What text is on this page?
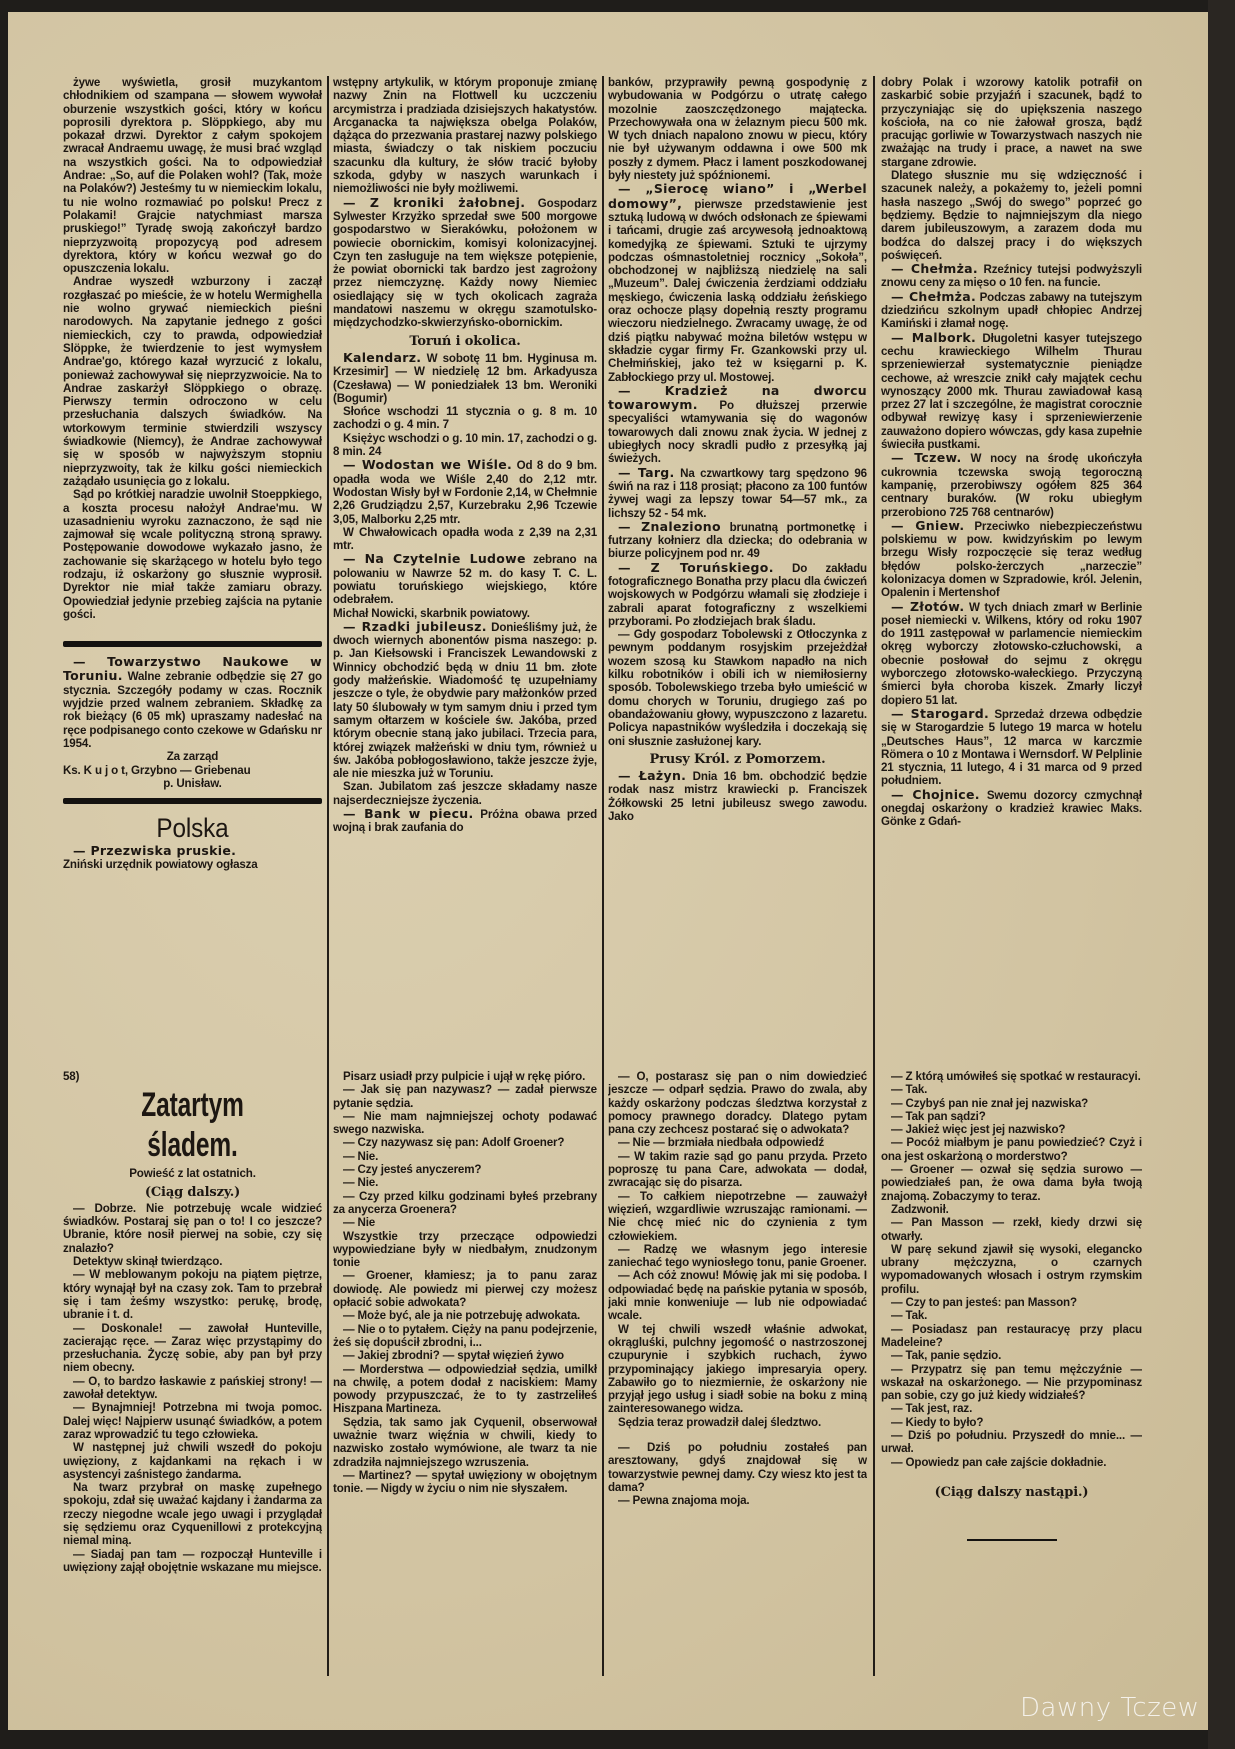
żywe wyświetla, grosił muzykantom chłodnikiem od szampana — słowem wywołał oburzenie wszystkich gości, który w końcu poprosili dyrektora p. Slöppkiego, aby mu pokazał drzwi. Dyrektor z całym spokojem zwracał Andraemu uwagę, że musi brać wzgląd na wszystkich gości. Na to odpowiedział Andrae: „So, auf die Polaken wohl? (Tak, może na Polaków?) Jesteśmy tu w niemieckim lokalu, tu nie wolno rozmawiać po polsku! Precz z Polakami! Grajcie natychmiast marsza pruskiego!” Tyradę swoją zakończył bardzo nieprzyzwoitą propozycyą pod adresem dyrektora, który w końcu wezwał go do opuszczenia lokalu.

Andrae wyszedł wzburzony i zaczął rozgłaszać po mieście, że w hotelu Wermighella nie wolno grywać niemieckich pieśni narodowych. Na zapytanie jednego z gości niemieckich, czy to prawda, odpowiedział Slöppke, że twierdzenie to jest wymysłem Andrae'go, którego kazał wyrzucić z lokalu, ponieważ zachowywał się nieprzyzwoicie. Na to Andrae zaskarżył Slöppkiego o obrazę. Pierwszy termin odroczono w celu przesłuchania dalszych świadków. Na wtorkowym terminie stwierdzili wszyscy świadkowie (Niemcy), że Andrae zachowywał się w sposób w najwyższym stopniu nieprzyzwoity, tak że kilku gości niemieckich zażądało usunięcia go z lokalu.

Sąd po krótkiej naradzie uwolnił Stoeppkiego, a koszta procesu nałożył Andrae'mu. W uzasadnieniu wyroku zaznaczono, że sąd nie zajmował się wcale polityczną stroną sprawy. Postępowanie dowodowe wykazało jasno, że zachowanie się skarżącego w hotelu było tego rodzaju, iż oskarżony go słusznie wyprosił. Dyrektor nie miał także zamiaru obrazy. Opowiedział jedynie przebieg zajścia na pytanie gości.

— Towarzystwo Naukowe w Toruniu. Walne zebranie odbędzie się 27 go stycznia. Szczegóły podamy w czas. Rocznik wyjdzie przed walnem zebraniem. Składkę za rok bieżący (6 05 mk) upraszamy nadesłać na ręce podpisanego conto czekowe w Gdańsku nr 1954.

Za zarząd

Ks. K u j o t, Grzybno — Griebenau

p. Unisław.

Polska

— Przezwiska pruskie.

Zniński urzędnik powiatowy ogłasza

wstępny artykulik, w którym proponuje zmianę nazwy Znin na Flottwell ku uczczeniu arcymistrza i pradziada dzisiejszych hakatystów. Arcganacka ta największa obelga Polaków, dążąca do przezwania prastarej nazwy polskiego miasta, świadczy o tak niskiem poczuciu szacunku dla kultury, że słów tracić byłoby szkoda, gdyby w naszych warunkach i niemożliwości nie były możliwemi.

— Z kroniki żałobnej. Gospodarz Sylwester Krzyżko sprzedał swe 500 morgowe gospodarstwo w Sierakówku, położonem w powiecie obornickim, komisyi kolonizacyjnej. Czyn ten zasługuje na tem większe potępienie, że powiat obornicki tak bardzo jest zagrożony przez niemczyznę. Każdy nowy Niemiec osiedlający się w tych okolicach zagraża mandatowi naszemu w okręgu szamotulsko-międzychodzko-skwierzyńsko-obornickim.

Toruń i okolica.

Kalendarz. W sobotę 11 bm. Hyginusa m. Krzesimir] — W niedzielę 12 bm. Arkadyusza (Czesława) — W poniedziałek 13 bm. Weroniki (Bogumir)

Słońce wschodzi 11 stycznia o g. 8 m. 10 zachodzi o g. 4 min. 7

Księżyc wschodzi o g. 10 min. 17, zachodzi o g. 8 min. 24

— Wodostan we Wiśle. Od 8 do 9 bm. opadła woda we Wiśle 2,40 do 2,12 mtr. Wodostan Wisły był w Fordonie 2,14, w Chełmnie 2,26 Grudziądzu 2,57, Kurzebraku 2,96 Tczewie 3,05, Malborku 2,25 mtr.

W Chwałowicach opadła woda z 2,39 na 2,31 mtr.

— Na Czytelnie Ludowe zebrano na polowaniu w Nawrze 52 m. do kasy T. C. L. powiatu toruńskiego wiejskiego, które odebrałem.

Michał Nowicki, skarbnik powiatowy.

— Rzadki jubileusz. Donieśliśmy już, że dwoch wiernych abonentów pisma naszego: p. p. Jan Kiełsowski i Franciszek Lewandowski z Winnicy obchodzić będą w dniu 11 bm. złote gody małżeńskie. Wiadomość tę uzupełniamy jeszcze o tyle, że obydwie pary małżonków przed laty 50 ślubowały w tym samym dniu i przed tym samym ołtarzem w kościele św. Jakóba, przed którym obecnie staną jako jubilaci. Trzecia para, której związek małżeński w dniu tym, również u św. Jakóba pobłogosławiono, także jeszcze żyje, ale nie mieszka już w Toruniu.

Szan. Jubilatom zaś jeszcze składamy nasze najserdeczniejsze życzenia.

— Bank w piecu. Próżna obawa przed wojną i brak zaufania do

banków, przyprawiły pewną gospodynię z wybudowania w Podgórzu o utratę całego mozolnie zaoszczędzonego majątecka. Przechowywała ona w żelaznym piecu 500 mk. W tych dniach napalono znowu w piecu, który nie był używanym oddawna i owe 500 mk poszły z dymem. Płacz i lament poszkodowanej były niestety już spóźnionemi.

— „Sierocę wiano” i „Werbel domowy”, pierwsze przedstawienie jest sztuką ludową w dwóch odsłonach ze śpiewami i tańcami, drugie zaś arcywesołą jednoaktową komedyjką ze śpiewami. Sztuki te ujrzymy podczas ośmnastoletniej rocznicy „Sokoła”, obchodzonej w najbliższą niedzielę na sali „Muzeum”. Dalej ćwiczenia żerdziami oddziału męskiego, ćwiczenia laską oddziału żeńskiego oraz ochocze pląsy dopełnią reszty programu wieczoru niedzielnego. Zwracamy uwagę, że od dziś piątku nabywać można biletów wstępu w składzie cygar firmy Fr. Gzankowski przy ul. Chełmińskiej, jako też w księgarni p. K. Zabłockiego przy ul. Mostowej.

— Kradzież na dworcu towarowym. Po dłuższej przerwie specyaliści wtamywania się do wagonów towarowych dali znowu znak życia. W jednej z ubiegłych nocy skradli pudło z przesyłką jaj świeżych.

— Targ. Na czwartkowy targ spędzono 96 świń na raz i 118 prosiąt; płacono za 100 funtów żywej wagi za lepszy towar 54—57 mk., za lichszy 52 - 54 mk.

— Znaleziono brunatną portmonetkę i futrzany kołnierz dla dziecka; do odebrania w biurze policyjnem pod nr. 49

— Z Toruńskiego. Do zakładu fotograficznego Bonatha przy placu dla ćwiczeń wojskowych w Podgórzu włamali się złodzieje i zabrali aparat fotograficzny z wszelkiemi przyborami. Po złodziejach brak śladu.

— Gdy gospodarz Tobolewski z Otłoczynka z pewnym poddanym rosyjskim przejeżdżał wozem szosą ku Stawkom napadło na nich kilku robotników i obili ich w niemiłosierny sposób. Tobolewskiego trzeba było umieścić w domu chorych w Toruniu, drugiego zaś po obandażowaniu głowy, wypuszczono z lazaretu. Policya napastników wyśledziła i doczekają się oni słusznie zasłużonej kary.

Prusy Król. z Pomorzem.

— Łażyn. Dnia 16 bm. obchodzić będzie rodak nasz mistrz krawiecki p. Franciszek Żółkowski 25 letni jubileusz swego zawodu. Jako

dobry Polak i wzorowy katolik potrafił on zaskarbić sobie przyjaźń i szacunek, bądź to przyczyniając się do upiększenia naszego kościoła, na co nie żałował grosza, bądź pracując gorliwie w Towarzystwach naszych nie zważając na trudy i prace, a nawet na swe stargane zdrowie.

Dlatego słusznie mu się wdzięczność i szacunek należy, a pokażemy to, jeżeli pomni hasła naszego „Swój do swego” poprzeć go będziemy. Będzie to najmniejszym dla niego darem jubileuszowym, a zarazem doda mu bodźca do dalszej pracy i do większych poświęceń.

— Chełmża. Rzeźnicy tutejsi podwyższyli znowu ceny za mięso o 10 fen. na funcie.

— Chełmża. Podczas zabawy na tutejszym dziedzińcu szkolnym upadł chłopiec Andrzej Kamiński i złamał nogę.

— Malbork. Długoletni kasyer tutejszego cechu krawieckiego Wilhelm Thurau sprzeniewierzał systematycznie pieniądze cechowe, aż wreszcie znikł cały majątek cechu wynoszący 2000 mk. Thurau zawiadował kasą przez 27 lat i szczególne, że magistrat corocznie odbywał rewizyę kasy i sprzeniewierzenie zauważono dopiero wówczas, gdy kasa zupełnie świeciła pustkami.

— Tczew. W nocy na środę ukończyła cukrownia tczewska swoją tegoroczną kampanię, przerobiwszy ogółem 825 364 centnary buraków. (W roku ubiegłym przerobiono 725 768 centnarów)

— Gniew. Przeciwko niebezpieczeństwu polskiemu w pow. kwidzyńskim po lewym brzegu Wisły rozpoczęcie się teraz według błędów polsko-żerczych „narzeczie” kolonizacya domen w Szpradowie, król. Jelenin, Opalenin i Mertenshof

— Złotów. W tych dniach zmarł w Berlinie poseł niemiecki v. Wilkens, który od roku 1907 do 1911 zastępował w parlamencie niemieckim okręg wyborczy złotowsko-człuchowski, a obecnie posłował do sejmu z okręgu wyborczego złotowsko-wałeckiego. Przyczyną śmierci była choroba kiszek. Zmarły liczył dopiero 51 lat.

— Starogard. Sprzedaż drzewa odbędzie się w Starogardzie 5 lutego 19 marca w hotelu „Deutsches Haus”, 12 marca w karczmie Römera o 10 z Montawa i Wernsdorf. W Pelplinie 21 stycznia, 11 lutego, 4 i 31 marca od 9 przed południem.

— Chojnice. Swemu dozorcy czmychnął onegdaj oskarżony o kradzież krawiec Maks. Gönke z Gdań-

58)

Zatartym śladem.

Powieść z lat ostatnich.

(Ciąg dalszy.)

— Dobrze. Nie potrzebuję wcale widzieć świadków. Postaraj się pan o to! I co jeszcze? Ubranie, które nosił pierwej na sobie, czy się znalazło?

Detektyw skinął twierdząco.

— W meblowanym pokoju na piątem piętrze, który wynajął był na czasy zok. Tam to przebrał się i tam żeśmy wszystko: perukę, brodę, ubranie i t. d.

— Doskonale! — zawołał Hunteville, zacierając ręce. — Zaraz więc przystąpimy do przesłuchania. Życzę sobie, aby pan był przy niem obecny.

— O, to bardzo łaskawie z pańskiej strony! — zawołał detektyw.

— Bynajmniej! Potrzebna mi twoja pomoc. Dalej więc! Najpierw usunąć świadków, a potem zaraz wprowadzić tu tego człowieka.

W następnej już chwili wszedł do pokoju uwięziony, z kajdankami na rękach i w asystencyi zaśnistego żandarma.

Na twarz przybrał on maskę zupełnego spokoju, zdał się uważać kajdany i żandarma za rzeczy niegodne wcale jego uwagi i przyglądał się sędziemu oraz Cyquenillowi z protekcyjną niemal miną.

— Siadaj pan tam — rozpoczął Hunteville i uwięziony zajął obojętnie wskazane mu miejsce.

Pisarz usiadł przy pulpicie i ujął w rękę pióro.

— Jak się pan nazywasz? — zadał pierwsze pytanie sędzia.

— Nie mam najmniejszej ochoty podawać swego nazwiska.

— Czy nazywasz się pan: Adolf Groener?

— Nie.

— Czy jesteś anyczerem?

— Nie.

— Czy przed kilku godzinami byłeś przebrany za anycerza Groenera?

— Nie

Wszystkie trzy przeczące odpowiedzi wypowiedziane były w niedbałym, znudzonym tonie

— Groener, kłamiesz; ja to panu zaraz dowiodę. Ale powiedz mi pierwej czy możesz opłacić sobie adwokata?

— Może być, ale ja nie potrzebuję adwokata.

— Nie o to pytałem. Cięży na panu podejrzenie, żeś się dopuścił zbrodni, i...

— Jakiej zbrodni? — spytał więzień żywo

— Morderstwa — odpowiedział sędzia, umilkł na chwilę, a potem dodał z naciskiem: Mamy powody przypuszczać, że to ty zastrzeliłeś Hiszpana Martineza.

Sędzia, tak samo jak Cyquenil, obserwował uważnie twarz więźnia w chwili, kiedy to nazwisko zostało wymówione, ale twarz ta nie zdradziła najmniejszego wzruszenia.

— Martinez? — spytał uwięziony w obojętnym tonie. — Nigdy w życiu o nim nie słyszałem.

— O, postarasz się pan o nim dowiedzieć jeszcze — odparł sędzia. Prawo do zwala, aby każdy oskarżony podczas śledztwa korzystał z pomocy prawnego doradcy. Dlatego pytam pana czy zechcesz postarać się o adwokata?

— Nie — brzmiała niedbała odpowiedź

— W takim razie sąd go panu przyda. Przeto poproszę tu pana Care, adwokata — dodał, zwracając się do pisarza.

— To całkiem niepotrzebne — zauważył więzień, wzgardliwie wzruszając ramionami. — Nie chcę mieć nic do czynienia z tym człowiekiem.

— Radzę we własnym jego interesie zaniechać tego wyniosłego tonu, panie Groener.

— Ach cóż znowu! Mówię jak mi się podoba. I odpowiadać będę na pańskie pytania w sposób, jaki mnie konweniuje — lub nie odpowiadać wcale.

W tej chwili wszedł właśnie adwokat, okrągluśki, pulchny jegomość o nastrzoszonej czupurynie i szybkich ruchach, żywo przypominający jakiego impresaryia opery. Zabawiło go to niezmiernie, że oskarżony nie przyjął jego usług i siadł sobie na boku z miną zainteresowanego widza.

Sędzia teraz prowadził dalej śledztwo.

— Dziś po południu zostałeś pan aresztowany, gdyś znajdował się w towarzystwie pewnej damy. Czy wiesz kto jest ta dama?

— Pewna znajoma moja.

— Z którą umówiłeś się spotkać w restauracyi.

— Tak.

— Czybyś pan nie znał jej nazwiska?

— Tak pan sądzi?

— Jakież więc jest jej nazwisko?

— Pocóż miałbym je panu powiedzieć? Czyż i ona jest oskarżoną o morderstwo?

— Groener — ozwał się sędzia surowo — powiedziałeś pan, że owa dama była twoją znajomą. Zobaczymy to teraz.

Zadzwonił.

— Pan Masson — rzekł, kiedy drzwi się otwarły.

W parę sekund zjawił się wysoki, elegancko ubrany mężczyzna, o czarnych wypomadowanych włosach i ostrym rzymskim profilu.

— Czy to pan jesteś: pan Masson?

— Tak.

— Posiadasz pan restauracyę przy placu Madeleine?

— Tak, panie sędzio.

— Przypatrz się pan temu mężczyźnie — wskazał na oskarżonego. — Nie przypominasz pan sobie, czy go już kiedy widziałeś?

— Tak jest, raz.

— Kiedy to było?

— Dziś po południu. Przyszedł do mnie... — urwał.

— Opowiedz pan całe zajście dokładnie.

(Ciąg dalszy nastąpi.)

Dawny Tczew
